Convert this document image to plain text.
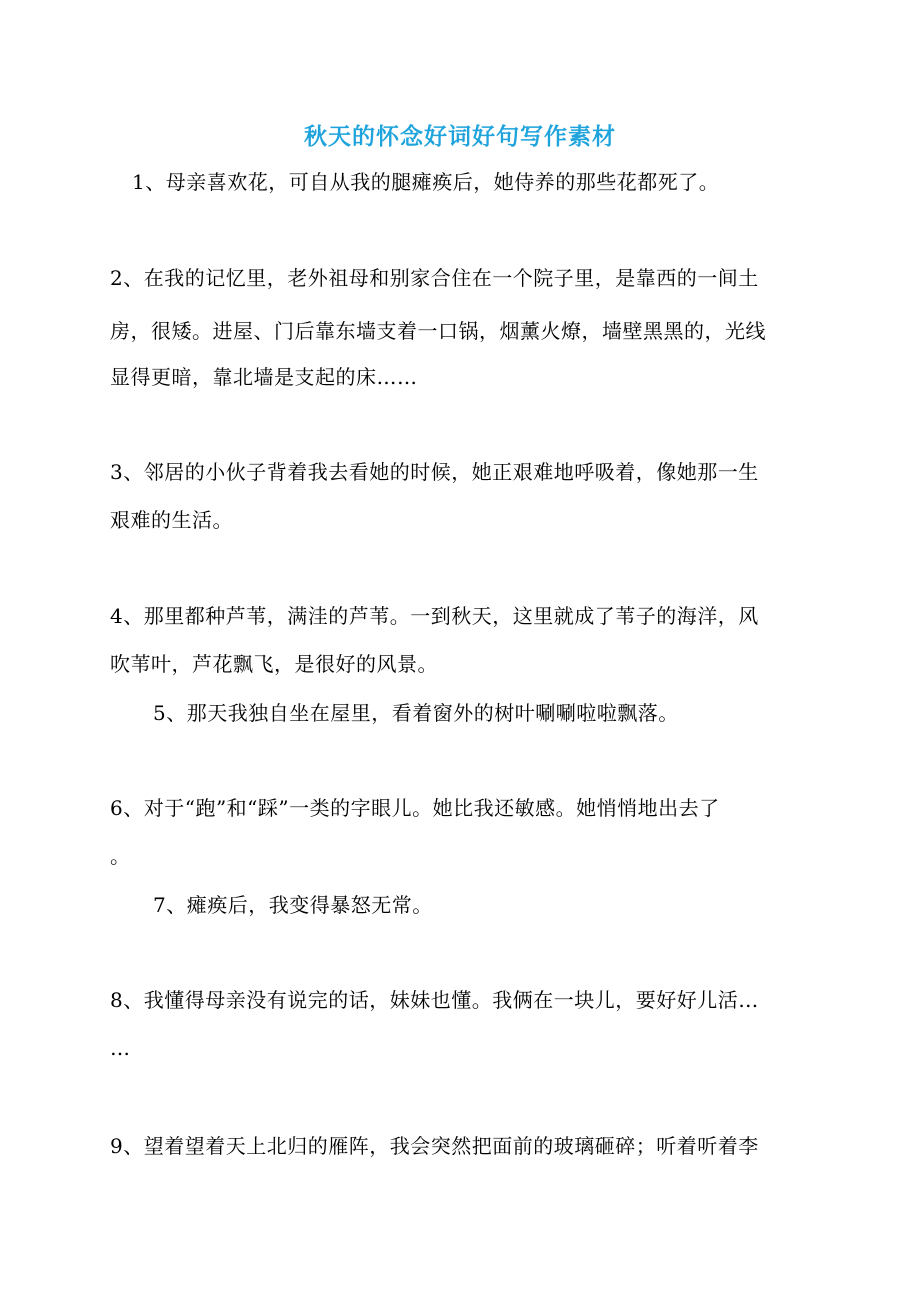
秋天的怀念好词好句写作素材
1、母亲喜欢花，可自从我的腿瘫痪后，她侍养的那些花都死了。
2、在我的记忆里，老外祖母和别家合住在一个院子里，是靠西的一间土
房，很矮。进屋、门后靠东墙支着一口锅，烟薰火燎，墙壁黑黑的，光线
显得更暗，靠北墙是支起的床……
3、邻居的小伙子背着我去看她的时候，她正艰难地呼吸着，像她那一生
艰难的生活。
4、那里都种芦苇，满洼的芦苇。一到秋天，这里就成了苇子的海洋，风
吹苇叶，芦花飘飞，是很好的风景。
5、那天我独自坐在屋里，看着窗外的树叶唰唰啦啦飘落。
6、对于“跑”和“踩”一类的字眼儿。她比我还敏感。她悄悄地出去了
。
7、瘫痪后，我变得暴怒无常。
8、我懂得母亲没有说完的话，妹妹也懂。我俩在一块儿，要好好儿活…
…
9、望着望着天上北归的雁阵，我会突然把面前的玻璃砸碎；听着听着李
